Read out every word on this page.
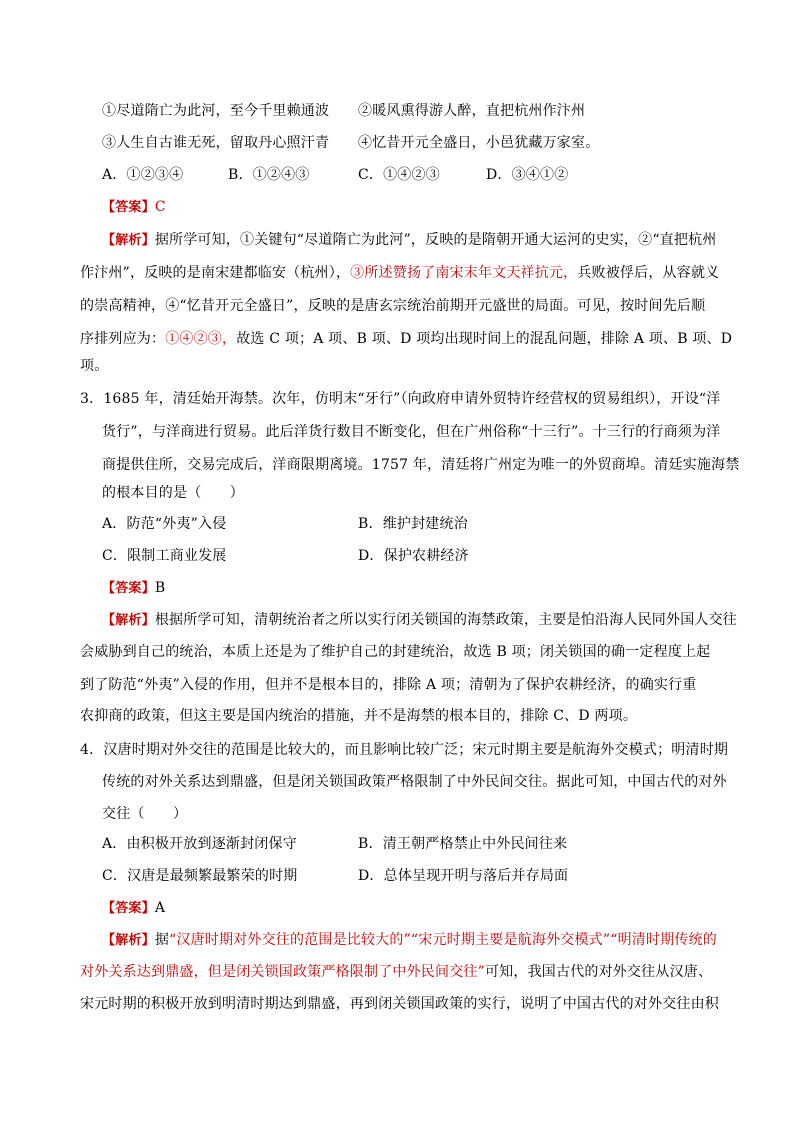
①尽道隋亡为此河，至今千里赖通波 ②暖风熏得游人醉，直把杭州作汴州
③人生自古谁无死，留取丹心照汗青 ④忆昔开元全盛日，小邑犹藏万家室。
A．①②③④	B．①②④③	C．①④②③	D．③④①②
【答案】C
【解析】据所学可知，①关键句“尽道隋亡为此河”，反映的是隋朝开通大运河的史实，②“直把杭州
作汴州”，反映的是南宋建都临安（杭州），③所述赞扬了南宋末年文天祥抗元，兵败被俘后，从容就义
的崇高精神，④“忆昔开元全盛日”，反映的是唐玄宗统治前期开元盛世的局面。可见，按时间先后顺
序排列应为：①④②③，故选 C 项；A 项、B 项、D 项均出现时间上的混乱问题，排除 A 项、B 项、D
项。
3．1685 年，清廷始开海禁。次年，仿明末“牙行”（向政府申请外贸特许经营权的贸易组织），开设“洋
货行”，与洋商进行贸易。此后洋货行数目不断变化，但在广州俗称“十三行”。十三行的行商须为洋
商提供住所，交易完成后，洋商限期离境。1757 年，清廷将广州定为唯一的外贸商埠。清廷实施海禁
的根本目的是（　　）
A．防范“外夷”入侵	B．维护封建统治
C．限制工商业发展	D．保护农耕经济
【答案】B
【解析】根据所学可知，清朝统治者之所以实行闭关锁国的海禁政策，主要是怕沿海人民同外国人交往
会威胁到自己的统治，本质上还是为了维护自己的封建统治，故选 B 项；闭关锁国的确一定程度上起
到了防范“外夷”入侵的作用，但并不是根本目的，排除 A 项；清朝为了保护农耕经济，的确实行重
农抑商的政策，但这主要是国内统治的措施，并不是海禁的根本目的，排除 C、D 两项。
4．汉唐时期对外交往的范围是比较大的，而且影响比较广泛；宋元时期主要是航海外交模式；明清时期
传统的对外关系达到鼎盛，但是闭关锁国政策严格限制了中外民间交往。据此可知，中国古代的对外
交往（　　）
A．由积极开放到逐渐封闭保守	B．清王朝严格禁止中外民间往来
C．汉唐是最频繁最繁荣的时期	D．总体呈现开明与落后并存局面
【答案】A
【解析】据“汉唐时期对外交往的范围是比较大的”“宋元时期主要是航海外交模式”“明清时期传统的
对外关系达到鼎盛，但是闭关锁国政策严格限制了中外民间交往”可知，我国古代的对外交往从汉唐、
宋元时期的积极开放到明清时期达到鼎盛，再到闭关锁国政策的实行，说明了中国古代的对外交往由积
